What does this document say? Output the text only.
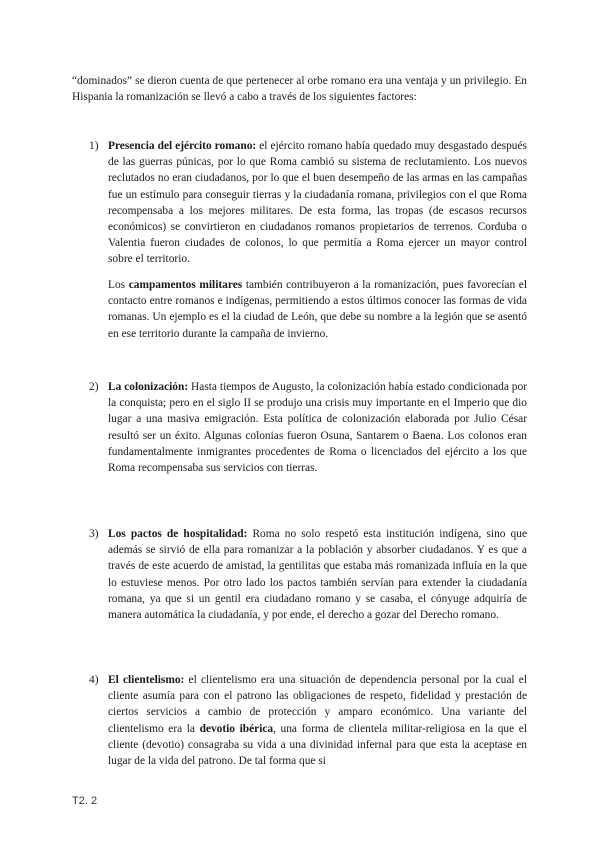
“dominados” se dieron cuenta de que pertenecer al orbe romano era una ventaja y un privilegio. En Hispania la romanización se llevó a cabo a través de los siguientes factores:

1) Presencia del ejército romano: el ejército romano había quedado muy desgastado después de las guerras púnicas, por lo que Roma cambió su sistema de reclutamiento. Los nuevos reclutados no eran ciudadanos, por lo que el buen desempeño de las armas en las campañas fue un estímulo para conseguir tierras y la ciudadanía romana, privilegios con el que Roma recompensaba a los mejores militares. De esta forma, las tropas (de escasos recursos económicos) se convirtieron en ciudadanos romanos propietarios de terrenos. Corduba o Valentia fueron ciudades de colonos, lo que permitía a Roma ejercer un mayor control sobre el territorio.

Los campamentos militares también contribuyeron a la romanización, pues favorecían el contacto entre romanos e indígenas, permitiendo a estos últimos conocer las formas de vida romanas. Un ejemplo es el la ciudad de León, que debe su nombre a la legión que se asentó en ese territorio durante la campaña de invierno.

2) La colonización: Hasta tiempos de Augusto, la colonización había estado condicionada por la conquista; pero en el siglo II se produjo una crisis muy importante en el Imperio que dio lugar a una masiva emigración. Esta política de colonización elaborada por Julio César resultó ser un éxito. Algunas colonias fueron Osuna, Santarem o Baena. Los colonos eran fundamentalmente inmigrantes procedentes de Roma o licenciados del ejército a los que Roma recompensaba sus servicios con tierras.

3) Los pactos de hospitalidad: Roma no solo respetó esta institución indígena, sino que además se sirvió de ella para romanizar a la población y absorber ciudadanos. Y es que a través de este acuerdo de amistad, la gentilitas que estaba más romanizada influía en la que lo estuviese menos. Por otro lado los pactos también servían para extender la ciudadanía romana, ya que si un gentil era ciudadano romano y se casaba, el cónyuge adquiría de manera automática la ciudadanía, y por ende, el derecho a gozar del Derecho romano.

4) El clientelismo: el clientelismo era una situación de dependencia personal por la cual el cliente asumía para con el patrono las obligaciones de respeto, fidelidad y prestación de ciertos servicios a cambio de protección y amparo económico. Una variante del clientelismo era la devotio ibérica, una forma de clientela militar-religiosa en la que el cliente (devotio) consagraba su vida a una divinidad infernal para que esta la aceptase en lugar de la vida del patrono. De tal forma que si

T2. 2
